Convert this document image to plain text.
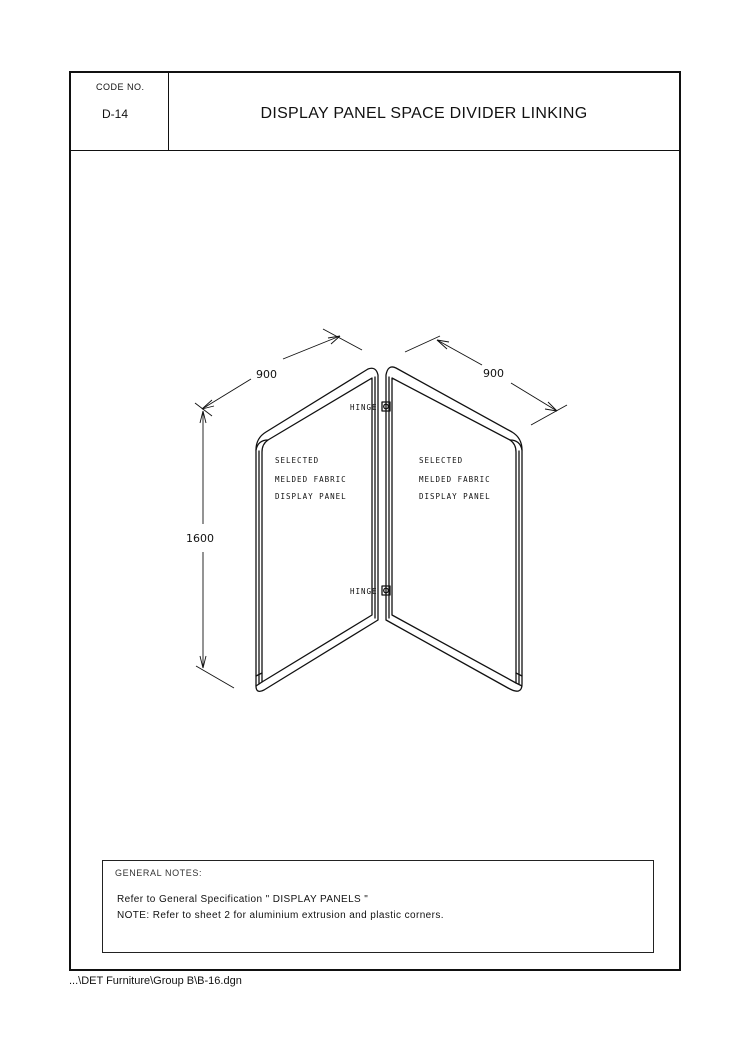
900	900
1600
HINGE
HINGE
SELECTED
MELDED FABRIC
DISPLAY PANEL
SELECTED
MELDED FABRIC
DISPLAY PANEL
CODE NO.
D-14	DISPLAY PANEL SPACE DIVIDER LINKING
GENERAL NOTES:
Refer to General Specification " DISPLAY PANELS "
NOTE: Refer to sheet 2 for aluminium extrusion and plastic corners.
...\DET Furniture\Group B\B-16.dgn
